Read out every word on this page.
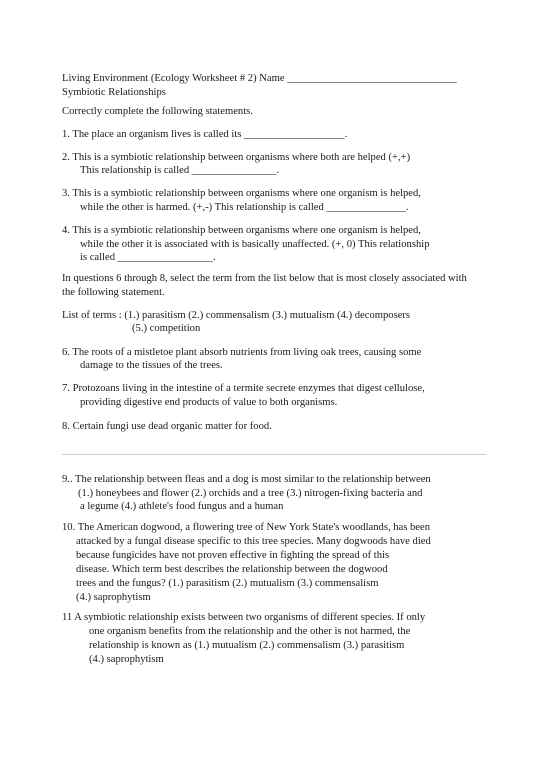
Living Environment (Ecology Worksheet # 2) Name ________________________________
Symbiotic Relationships
Correctly complete the following statements.
1. The place an organism lives is called its ___________________.
2. This is a symbiotic relationship between organisms where both are helped (+,+)
This relationship is called ________________.
3. This is a symbiotic relationship between organisms where one organism is helped,
while the other is harmed. (+,-) This relationship is called _______________.
4. This is a symbiotic relationship between organisms where one organism is helped,
while the other it is associated with is basically unaffected. (+, 0) This relationship
is called __________________.
In questions 6 through 8, select the term from the list below that is most closely associated with
the following statement.
List of terms : (1.) parasitism (2.) commensalism (3.) mutualism (4.) decomposers
(5.) competition
6. The roots of a mistletoe plant absorb nutrients from living oak trees, causing some
damage to the tissues of the trees.
7. Protozoans living in the intestine of a termite secrete enzymes that digest cellulose,
providing digestive end products of value to both organisms.
8. Certain fungi use dead organic matter for food.
9.. The relationship between fleas and a dog is most similar to the relationship between
(1.) honeybees and flower (2.) orchids and a tree (3.) nitrogen-fixing bacteria and
a legume (4.) athlete's food fungus and a human
10. The American dogwood, a flowering tree of New York State's woodlands, has been
attacked by a fungal disease specific to this tree species. Many dogwoods have died
because fungicides have not proven effective in fighting the spread of this
disease. Which term best describes the relationship between the dogwood
trees and the fungus? (1.) parasitism (2.) mutualism (3.) commensalism
(4.) saprophytism
11 A symbiotic relationship exists between two organisms of different species. If only
one organism benefits from the relationship and the other is not harmed, the
relationship is known as (1.) mutualism (2.) commensalism (3.) parasitism
(4.) saprophytism
